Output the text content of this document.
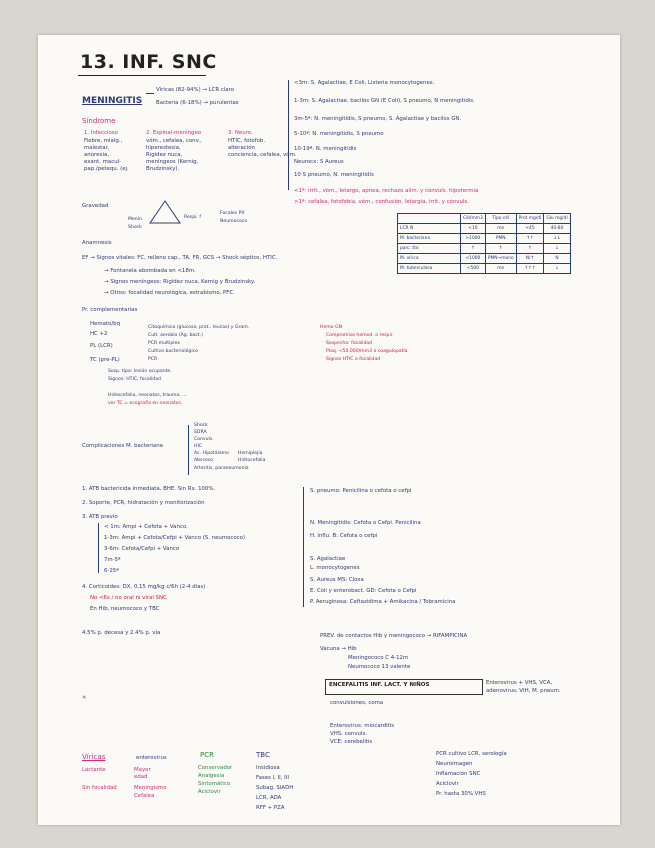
13. INF. SNC
MENINGITIS
Víricas (82-94%) → LCR claro
Bacteria (6-18%) → purulentas
Síndrome
1. Infeccioso
Fiebre, mialg.,
malestar,
anorexia,
exant. macul-
pap./petequ. (ej.
2. Espinal-meníngeo
vóm., cefalea, conv.,
hiperestesia,
Rigidez nuca,
meníngeos (Kernig,
Brudzinsky).
3. Neuro.
HTIC, fotofob.
alteración
conciencia, cefalea, vóm.
<3m: S. Agalactiae, E Coli, Listeria monocytogenes.
1-3m: S. Agalactiae, bacilos GN (E Coli), S pneumo, N meningitidis.
3m-5ª: N. meningitidis, S pneumo, S. Agalactiae y bacilos GN.
5-10ª: N. meningitidis, S pneumo
10-19ª: N. meningitidis
Neurocx: S Aureus
10 S pneumo, N. meningitidis
<1ª: irrit., vóm., letargo, apnea, rechazo alim. y convuls. hipotermia
>1ª: cefalea, fotofobia, vóm., confusión, letargia, irrit. y convuls.
Gravedad
Menin.
Shock
Respi. f
Focales PX
Neumococo
	Cél/mm3	Tipo cél	Prot mg/dl	Glu mg/dl
LCR N	<10	mn	<45	40-80
M. bacteriana	>1000	PMN	↑↑	↓↓
parc. tto	↑	↑	↑	↓
M. vírica	<1000	PMN→mono	N/↑	N
M. tuberculosa	<500	mn	↑↑↑	↓
Anamnesis
EF → Signos vitales: FC, relleno cap., TA, FR, GCS → Shock séptico, HTIC.
→ Fontanela abombada en <18m.
→ Signos meníngeos: Rigidez nuca, Kernig y Brudzinsky.
→ Otros: focalidad neurológica, estrabismo, PFC.
Pr. complementarias
Hemato/bq
HC +2
PL (LCR)
TC (pre-PL)
Citoquímico (glucosa, prot., leucos) y Gram.
Cult. aerobio (Ag. bact.)
PCR multiplex
Cultivo bacteriológico
PCR
Sosp. tipo: lesión ocupante.
Signos: HTIC, focalidad
Hidrocefalia, neonatos, trauma, ...
ver TC = ecografía en neonatos.
Hemo GN
Compromiso hemod. o respir.
Sospecha: focalidad
Plaq. <50.000/mm3 o coagulopatía
Signos HTIC o focalidad
Complicaciones M. bacteriana
Shock
SDRA
Convuls.
HIC
Ac. Hipotálamo Hemiplejia
Absceso	Hidrocefalia
Arteritis, paraneumonía
1. ATB bactericida inmediata, BHE. Sin Rx. 100%.
2. Soporte, PCR, hidratación y monitorización
3. ATB previo
< 1m: Ampi + Cefota + Vanco.
1-3m: Ampi + Cefota/Cefpi + Vanco (S. neumococo)
3-6m: Cefota/Cefpi + Vanco
7m-5ª
6-25ª
4. Corticoides: DX, 0,15 mg/kg c/6h (2-4 días)
No <6s / no oral ni viral SNC
En Hib, neumococo y TBC
S. pneumo: Penicilina o cefota o cefpi
N. Meningitidis: Cefota o Cefpi. Penicilina
H. influ. B: Cefota o cefpi
S. Agalactiae
L. monocytogenes
S. Aureus MS: Cloxa
E. Coli y enterobact. GD: Cefota o Cefpi
P. Aeruginosa: Ceftazidima + Amikacina / Tobramicina
4.5% p. decesa y 2.4% p. vía
✕
PREV. de contactos Hib y meningococo → RIFAMPICINA
Vacuna → Hib
Meningococo C 4-12m
Neumococo 13 valente
ENCEFALITIS INF. LACT. Y NIÑOS	Enterovirus + VHS, VCA,
adenovirus, VIH, M. pneum.
convulsiones, coma
Enterovirus: miocarditis
VHS: convuls.
VCE: cerebelitis
Víricas	enterovirus
Lactante
Sin focalidad
Mayor
edad
Meningismo
Cefalea
PCR
Conservador
Analgesia
Sintomático
Aciclovir
TBC
Insidiosa
Fases I, II, III
Subag. SIADH
LCR, ADA
RFF + PZA
PCR cultivo LCR, serología
Neuroimagen
Inflamación SNC
Aciclovir
Pr. hasta 30% VHS
